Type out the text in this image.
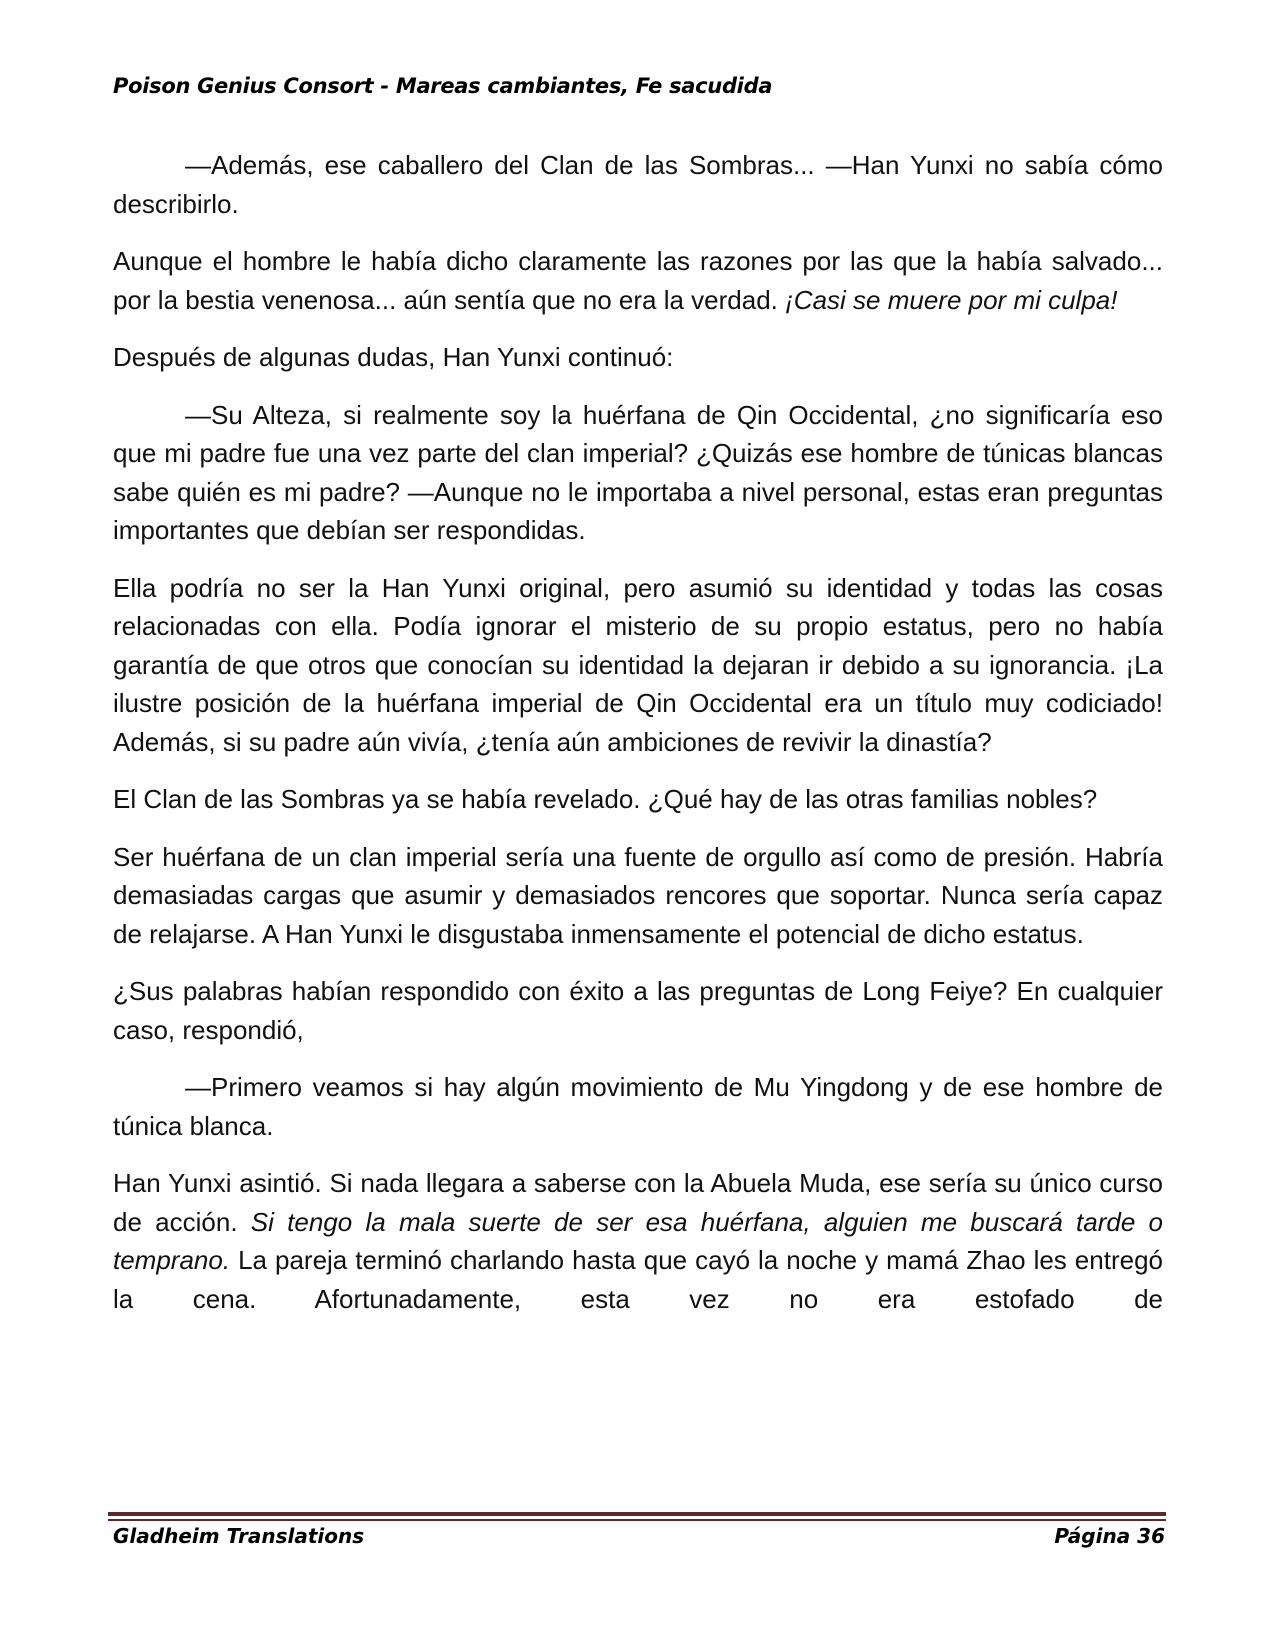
Poison Genius Consort - Mareas cambiantes, Fe sacudida

—Además, ese caballero del Clan de las Sombras... —Han Yunxi no sabía cómo describirlo.

Aunque el hombre le había dicho claramente las razones por las que la había salvado... por la bestia venenosa... aún sentía que no era la verdad. ¡Casi se muere por mi culpa!

Después de algunas dudas, Han Yunxi continuó:

—Su Alteza, si realmente soy la huérfana de Qin Occidental, ¿no significaría eso que mi padre fue una vez parte del clan imperial? ¿Quizás ese hombre de túnicas blancas sabe quién es mi padre? —Aunque no le importaba a nivel personal, estas eran preguntas importantes que debían ser respondidas.

Ella podría no ser la Han Yunxi original, pero asumió su identidad y todas las cosas relacionadas con ella. Podía ignorar el misterio de su propio estatus, pero no había garantía de que otros que conocían su identidad la dejaran ir debido a su ignorancia. ¡La ilustre posición de la huérfana imperial de Qin Occidental era un título muy codiciado! Además, si su padre aún vivía, ¿tenía aún ambiciones de revivir la dinastía?

El Clan de las Sombras ya se había revelado. ¿Qué hay de las otras familias nobles?

Ser huérfana de un clan imperial sería una fuente de orgullo así como de presión. Habría demasiadas cargas que asumir y demasiados rencores que soportar. Nunca sería capaz de relajarse. A Han Yunxi le disgustaba inmensamente el potencial de dicho estatus.

¿Sus palabras habían respondido con éxito a las preguntas de Long Feiye? En cualquier caso, respondió,

—Primero veamos si hay algún movimiento de Mu Yingdong y de ese hombre de túnica blanca.

Han Yunxi asintió. Si nada llegara a saberse con la Abuela Muda, ese sería su único curso de acción. Si tengo la mala suerte de ser esa huérfana, alguien me buscará tarde o temprano. La pareja terminó charlando hasta que cayó la noche y mamá Zhao les entregó la cena. Afortunadamente, esta vez no era estofado de

Gladheim Translations	Página 36
